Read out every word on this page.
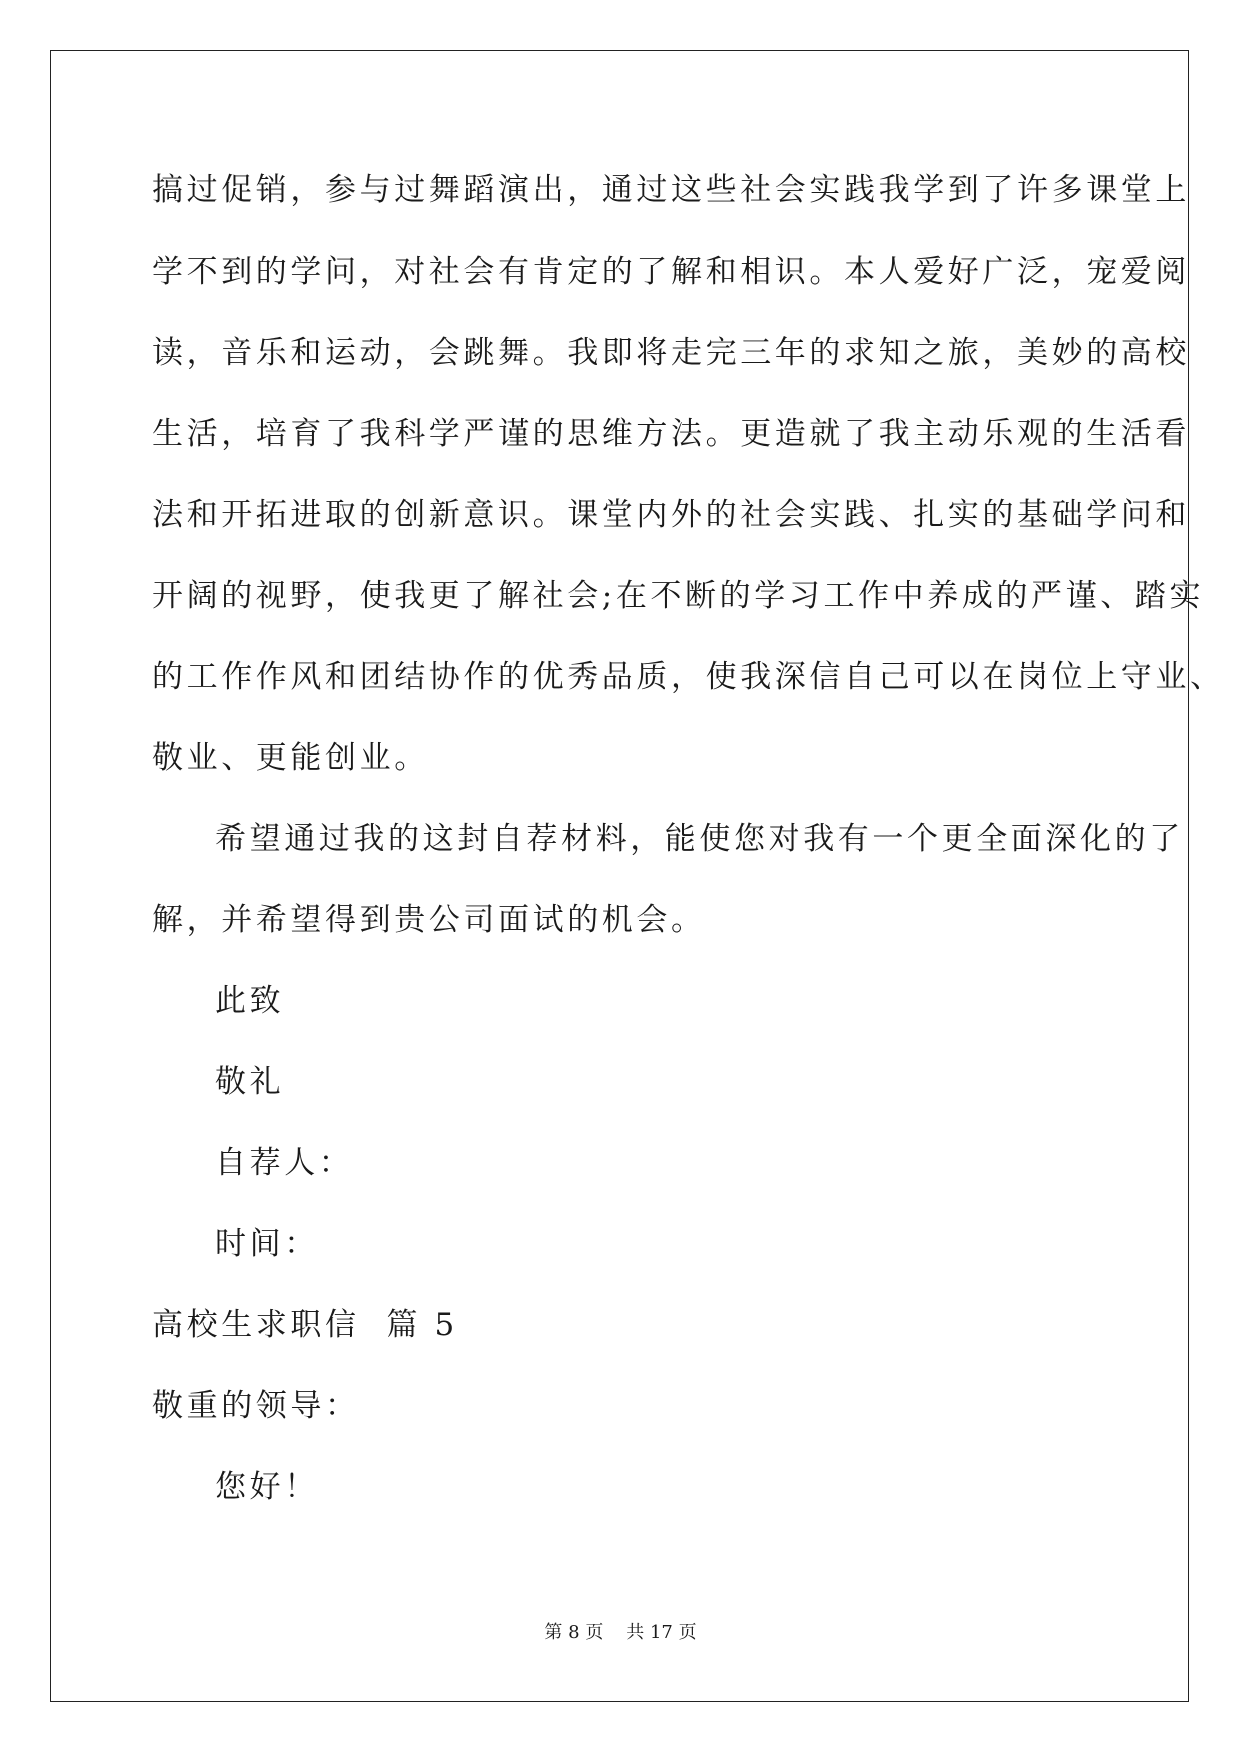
搞过促销，参与过舞蹈演出，通过这些社会实践我学到了许多课堂上
学不到的学问，对社会有肯定的了解和相识。本人爱好广泛，宠爱阅
读，音乐和运动，会跳舞。我即将走完三年的求知之旅，美妙的高校
生活，培育了我科学严谨的思维方法。更造就了我主动乐观的生活看
法和开拓进取的创新意识。课堂内外的社会实践、扎实的基础学问和
开阔的视野，使我更了解社会;在不断的学习工作中养成的严谨、踏实
的工作作风和团结协作的优秀品质，使我深信自己可以在岗位上守业、
敬业、更能创业。
希望通过我的这封自荐材料，能使您对我有一个更全面深化的了
解，并希望得到贵公司面试的机会。
此致
敬礼
自荐人：
时间：
高校生求职信  篇 5
敬重的领导：
您好！
第 8 页 共 17 页
